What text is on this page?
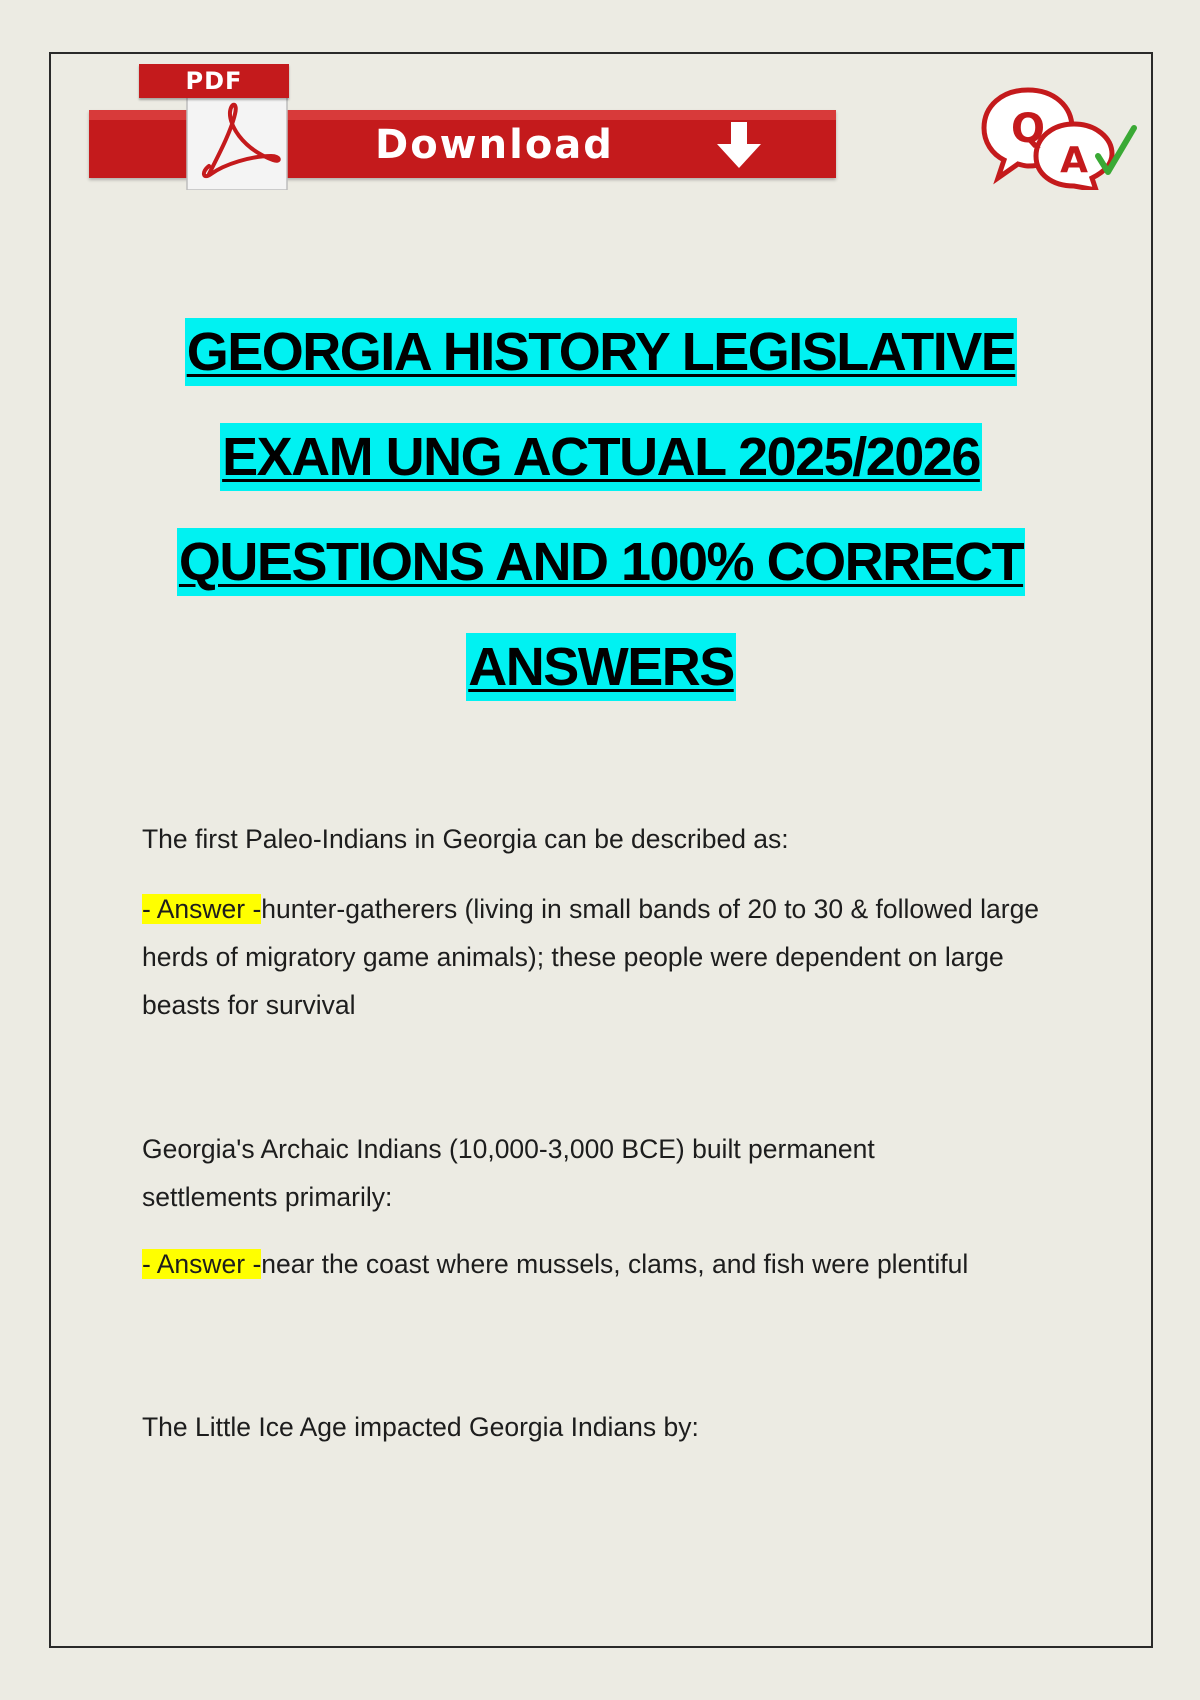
PDF
Download	Q
A
GEORGIA HISTORY LEGISLATIVE
EXAM UNG ACTUAL 2025/2026
QUESTIONS AND 100% CORRECT
ANSWERS

The first Paleo-Indians in Georgia can be described as:

- Answer -hunter-gatherers (living in small bands of 20 to 30 & followed large herds of migratory game animals); these people were dependent on large beasts for survival

Georgia's Archaic Indians (10,000-3,000 BCE) built permanent settlements primarily:

- Answer -near the coast where mussels, clams, and fish were plentiful

The Little Ice Age impacted Georgia Indians by:
